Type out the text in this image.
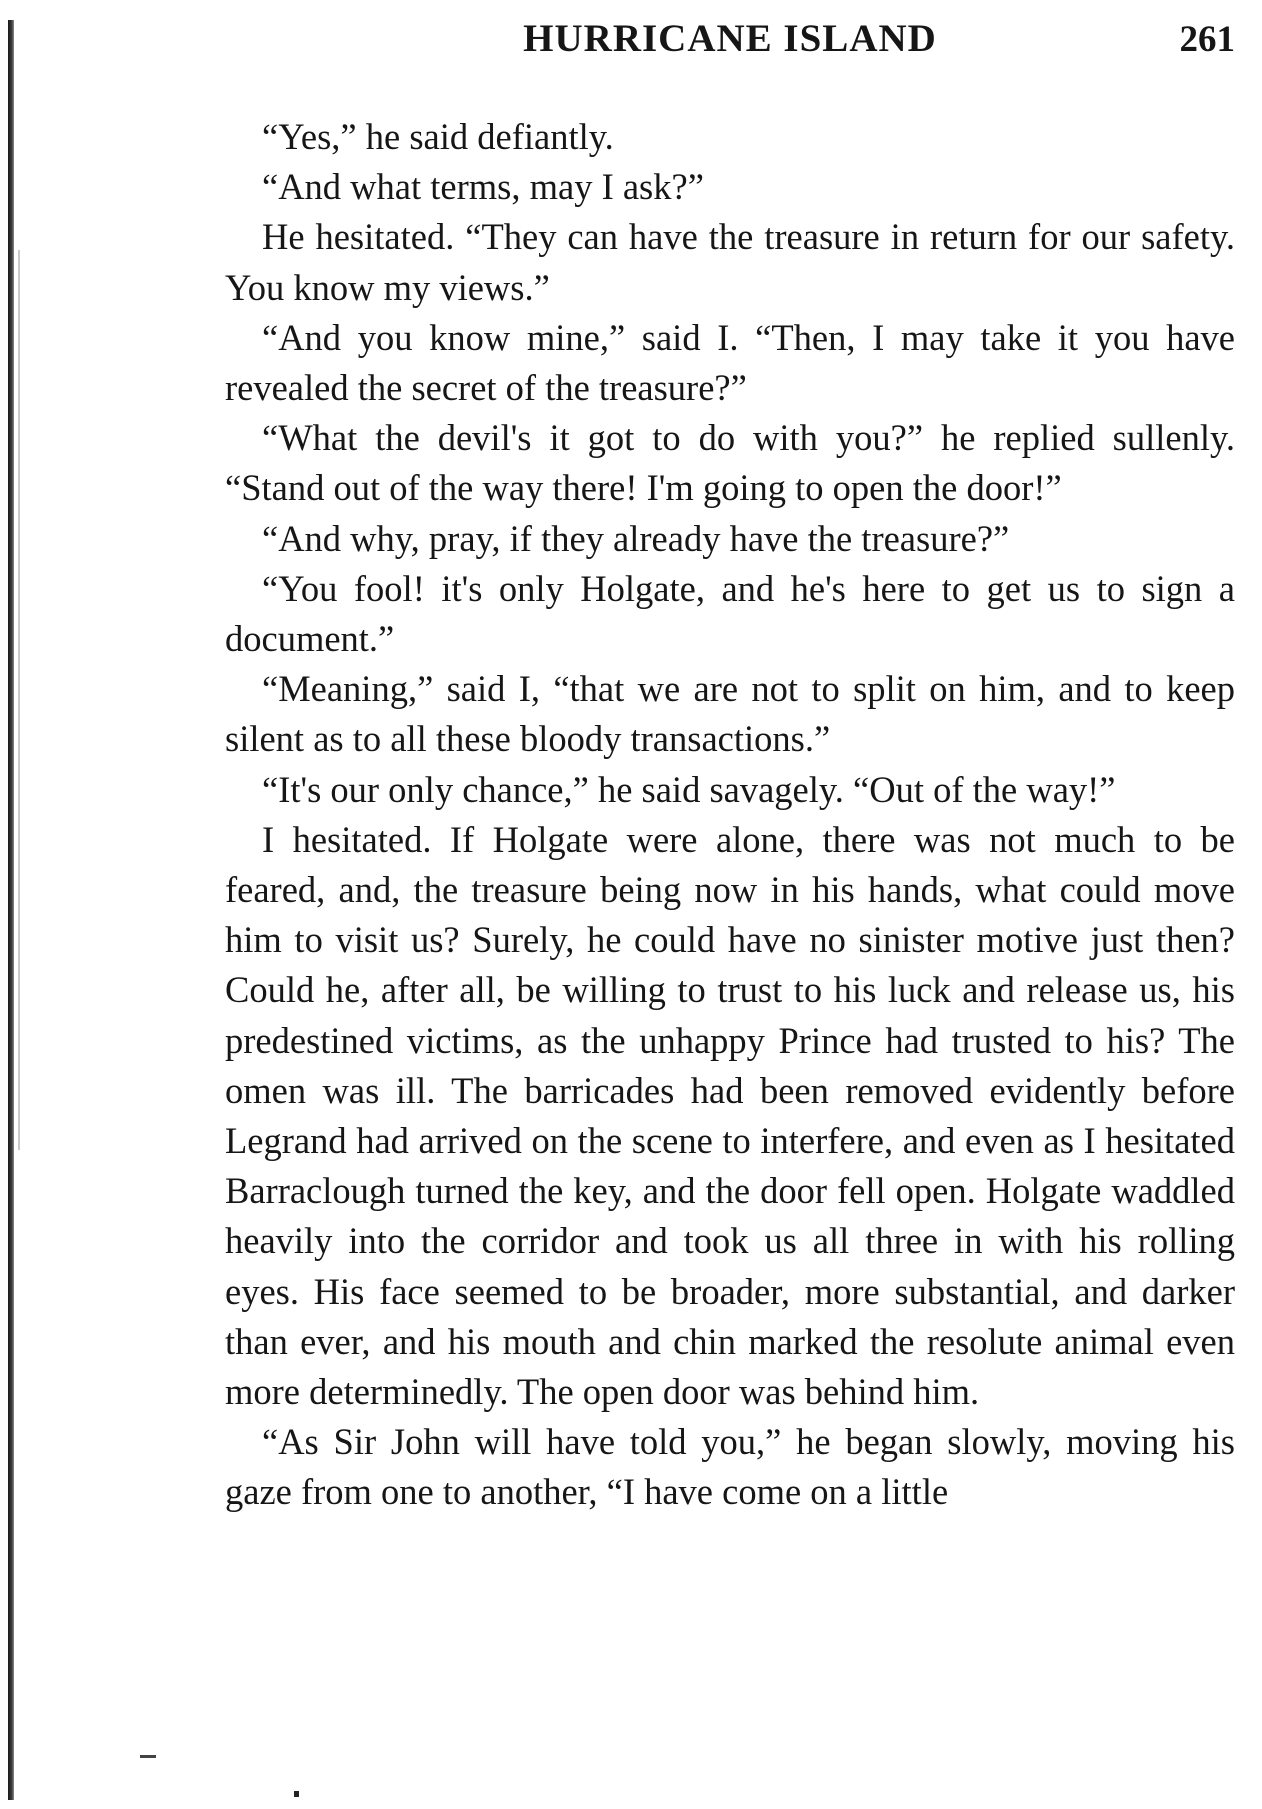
HURRICANE ISLAND	261

“Yes,” he said defiantly.

“And what terms, may I ask?”

He hesitated. “They can have the treasure in return for our safety. You know my views.”

“And you know mine,” said I. “Then, I may take it you have revealed the secret of the treasure?”

“What the devil's it got to do with you?” he replied sullenly. “Stand out of the way there! I'm going to open the door!”

“And why, pray, if they already have the treasure?”

“You fool! it's only Holgate, and he's here to get us to sign a document.”

“Meaning,” said I, “that we are not to split on him, and to keep silent as to all these bloody transactions.”

“It's our only chance,” he said savagely. “Out of the way!”

I hesitated. If Holgate were alone, there was not much to be feared, and, the treasure being now in his hands, what could move him to visit us? Surely, he could have no sinister motive just then? Could he, after all, be willing to trust to his luck and release us, his predestined victims, as the unhappy Prince had trusted to his? The omen was ill. The barricades had been removed evidently before Legrand had arrived on the scene to interfere, and even as I hesitated Barraclough turned the key, and the door fell open. Holgate waddled heavily into the corridor and took us all three in with his rolling eyes. His face seemed to be broader, more substantial, and darker than ever, and his mouth and chin marked the resolute animal even more determinedly. The open door was behind him.

“As Sir John will have told you,” he began slowly, moving his gaze from one to another, “I have come on a little
